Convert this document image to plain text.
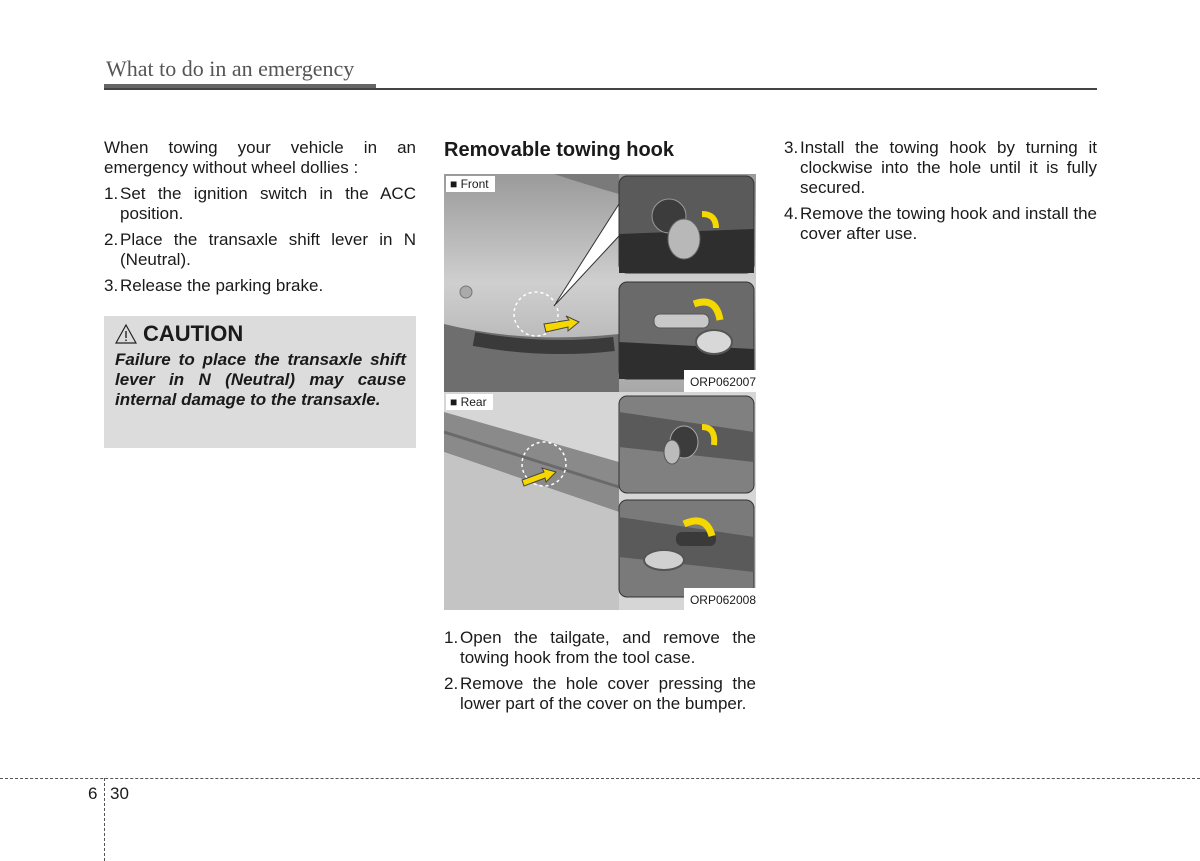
What to do in an emergency

When towing your vehicle in an emergency without wheel dollies :

1. Set the ignition switch in the ACC position.
2. Place the transaxle shift lever in N (Neutral).
3. Release the parking brake.
CAUTION
Failure to place the transaxle shift lever in N (Neutral) may cause internal damage to the transaxle.
Removable towing hook
■ Front
ORP062007
■ Rear
ORP062008
1. Open the tailgate, and remove the towing hook from the tool case.
2. Remove the hole cover pressing the lower part of the cover on the bumper.
3. Install the towing hook by turning it clockwise into the hole until it is fully secured.
4. Remove the towing hook and install the cover after use.
6 30
